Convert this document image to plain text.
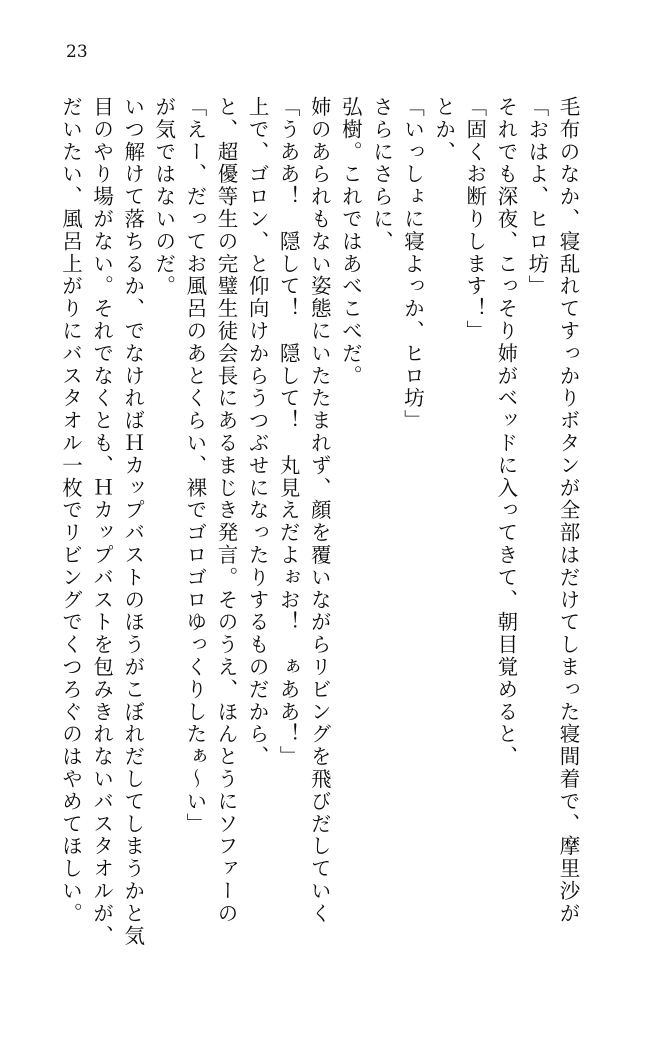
23
だいたい、風呂上がりにバスタオル一枚でリビングでくつろぐのはやめてほしい。 目のやり場がない。それでなくとも、Ｈカップバストを包みきれないバスタオルが、 いつ解けて落ちるか、でなければＨカップバストのほうがこぼれだしてしまうかと気 が気ではないのだ。 「えー、だってお風呂のあとくらい、裸でゴロゴロゆっくりしたぁ～い」 と、超優等生の完璧生徒会長にあるまじき発言。そのうえ、ほんとうにソファーの 上で、ゴロン、と仰向けからうつぶせになったりするものだから、 「うああ！　隠して！　隠して！　丸見えだよぉお！　ぁああ！」 姉のあられもない姿態にいたたまれず、顔を覆いながらリビングを飛びだしていく 弘樹。これではあべこべだ。 さらにさらに、 「いっしょに寝よっか、ヒロ坊」 とか、 「固くお断りします！」 それでも深夜、こっそり姉がベッドに入ってきて、朝目覚めると、 「おはよ、ヒロ坊」 毛布のなか、寝乱れてすっかりボタンが全部はだけてしまった寝間着で、摩里沙が
